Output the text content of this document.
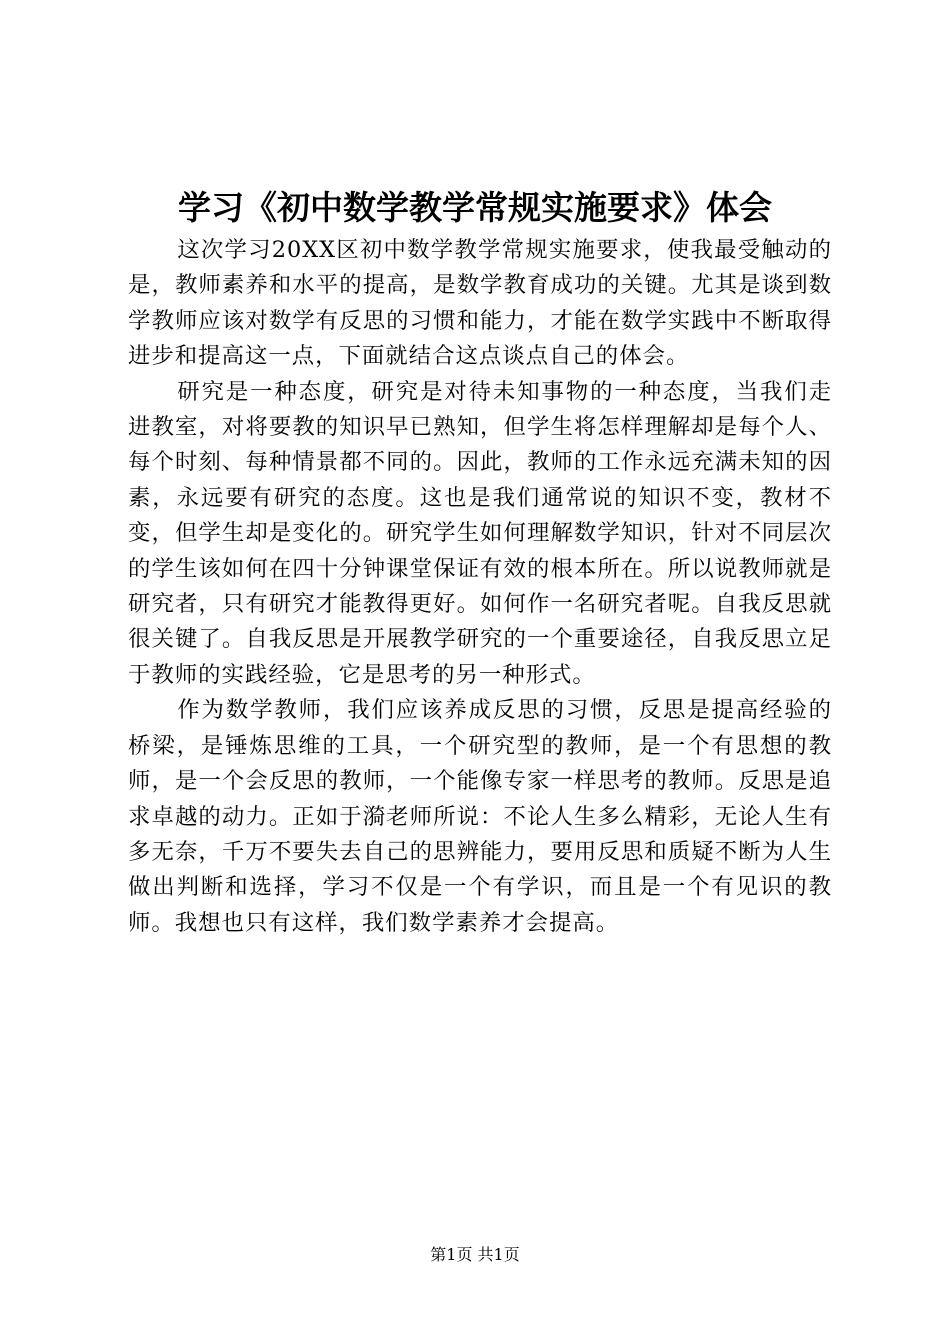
学习《初中数学教学常规实施要求》体会

这次学习20XX区初中数学教学常规实施要求，使我最受触动的是，教师素养和水平的提高，是数学教育成功的关键。尤其是谈到数学教师应该对数学有反思的习惯和能力，才能在数学实践中不断取得进步和提高这一点，下面就结合这点谈点自己的体会。

研究是一种态度，研究是对待未知事物的一种态度，当我们走进教室，对将要教的知识早已熟知，但学生将怎样理解却是每个人、每个时刻、每种情景都不同的。因此，教师的工作永远充满未知的因素，永远要有研究的态度。这也是我们通常说的知识不变，教材不变，但学生却是变化的。研究学生如何理解数学知识，针对不同层次的学生该如何在四十分钟课堂保证有效的根本所在。所以说教师就是研究者，只有研究才能教得更好。如何作一名研究者呢。自我反思就很关键了。自我反思是开展教学研究的一个重要途径，自我反思立足于教师的实践经验，它是思考的另一种形式。

作为数学教师，我们应该养成反思的习惯，反思是提高经验的桥梁，是锤炼思维的工具，一个研究型的教师，是一个有思想的教师，是一个会反思的教师，一个能像专家一样思考的教师。反思是追求卓越的动力。正如于漪老师所说：不论人生多么精彩，无论人生有多无奈，千万不要失去自己的思辨能力，要用反思和质疑不断为人生做出判断和选择，学习不仅是一个有学识，而且是一个有见识的教师。我想也只有这样，我们数学素养才会提高。

第1页 共1页
